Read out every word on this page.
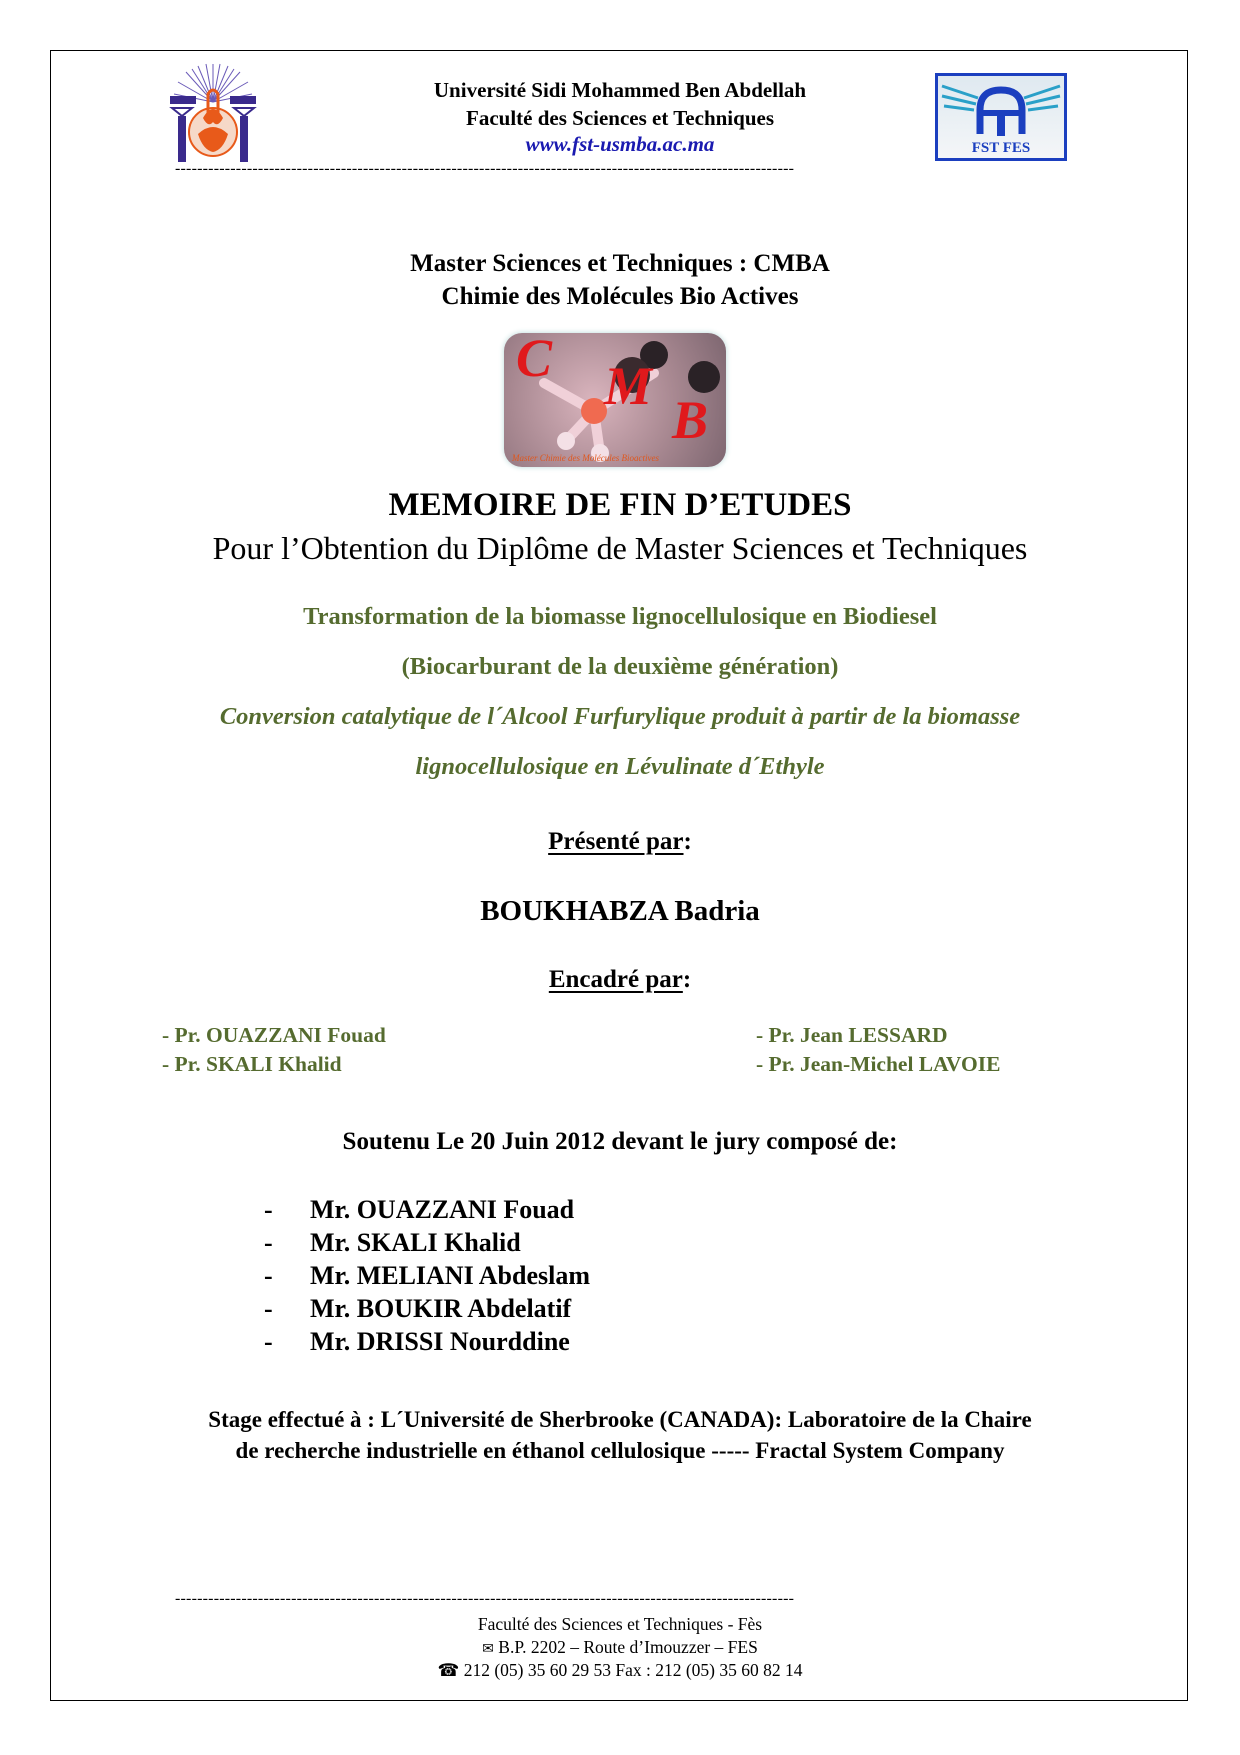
FST FES
Université Sidi Mohammed Ben Abdellah
Faculté des Sciences et Techniques
www.fst-usmba.ac.ma
----------------------------------------------------------------------------------------------------------------
Master Sciences et Techniques : CMBA
Chimie des Molécules Bio Actives
C M
B
Master Chimie des Molécules Bioactives
MEMOIRE DE FIN D’ETUDES
Pour l’Obtention du Diplôme de Master Sciences et Techniques
Transformation de la biomasse lignocellulosique en Biodiesel
(Biocarburant de la deuxième génération)
Conversion catalytique de l´Alcool Furfurylique produit à partir de la biomasse
lignocellulosique en Lévulinate d´Ethyle
Présenté par:
BOUKHABZA Badria
Encadré par:
- Pr. OUAZZANI Fouad
- Pr. SKALI Khalid
- Pr. Jean LESSARD
- Pr. Jean-Michel LAVOIE
Soutenu Le 20 Juin 2012 devant le jury composé de:
- Mr. OUAZZANI Fouad
- Mr. SKALI Khalid
- Mr. MELIANI Abdeslam
- Mr. BOUKIR Abdelatif
- Mr. DRISSI Nourddine
Stage effectué à : L´Université de Sherbrooke (CANADA): Laboratoire de la Chaire
de recherche industrielle en éthanol cellulosique ----- Fractal System Company
----------------------------------------------------------------------------------------------------------------
Faculté des Sciences et Techniques - Fès
✉ B.P. 2202 – Route d’Imouzzer – FES
☎ 212 (05) 35 60 29 53 Fax : 212 (05) 35 60 82 14
